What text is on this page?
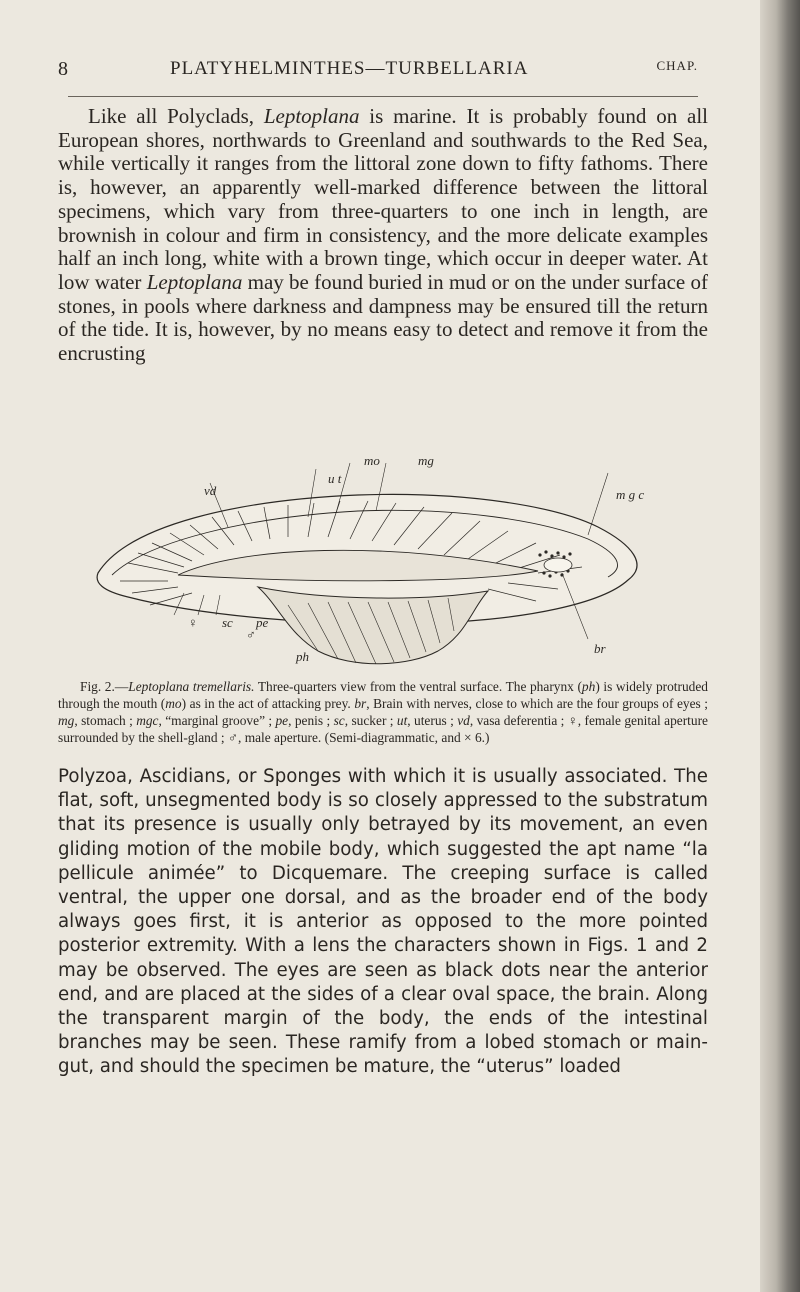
8	PLATYHELMINTHES—TURBELLARIA	CHAP.

Like all Polyclads, Leptoplana is marine. It is probably found on all European shores, northwards to Greenland and southwards to the Red Sea, while vertically it ranges from the littoral zone down to fifty fathoms. There is, however, an apparently well-marked difference between the littoral specimens, which vary from three-quarters to one inch in length, are brownish in colour and firm in consistency, and the more delicate examples half an inch long, white with a brown tinge, which occur in deeper water. At low water Leptoplana may be found buried in mud or on the under surface of stones, in pools where darkness and dampness may be ensured till the return of the tide. It is, however, by no means easy to detect and remove it from the encrusting

mo	mg
u t
vd	m g c
♀ sc pe
♂
ph
br

Fig. 2.—Leptoplana tremellaris. Three-quarters view from the ventral surface. The pharynx (ph) is widely protruded through the mouth (mo) as in the act of attacking prey. br, Brain with nerves, close to which are the four groups of eyes ; mg, stomach ; mgc, “marginal groove” ; pe, penis ; sc, sucker ; ut, uterus ; vd, vasa deferentia ; ♀, female genital aperture surrounded by the shell-gland ; ♂, male aperture. (Semi-diagrammatic, and × 6.)

Polyzoa, Ascidians, or Sponges with which it is usually associated. The flat, soft, unsegmented body is so closely appressed to the substratum that its presence is usually only betrayed by its movement, an even gliding motion of the mobile body, which suggested the apt name “la pellicule animée” to Dicquemare. The creeping surface is called ventral, the upper one dorsal, and as the broader end of the body always goes first, it is anterior as opposed to the more pointed posterior extremity. With a lens the characters shown in Figs. 1 and 2 may be observed. The eyes are seen as black dots near the anterior end, and are placed at the sides of a clear oval space, the brain. Along the transparent margin of the body, the ends of the intestinal branches may be seen. These ramify from a lobed stomach or main-gut, and should the specimen be mature, the “uterus” loaded
